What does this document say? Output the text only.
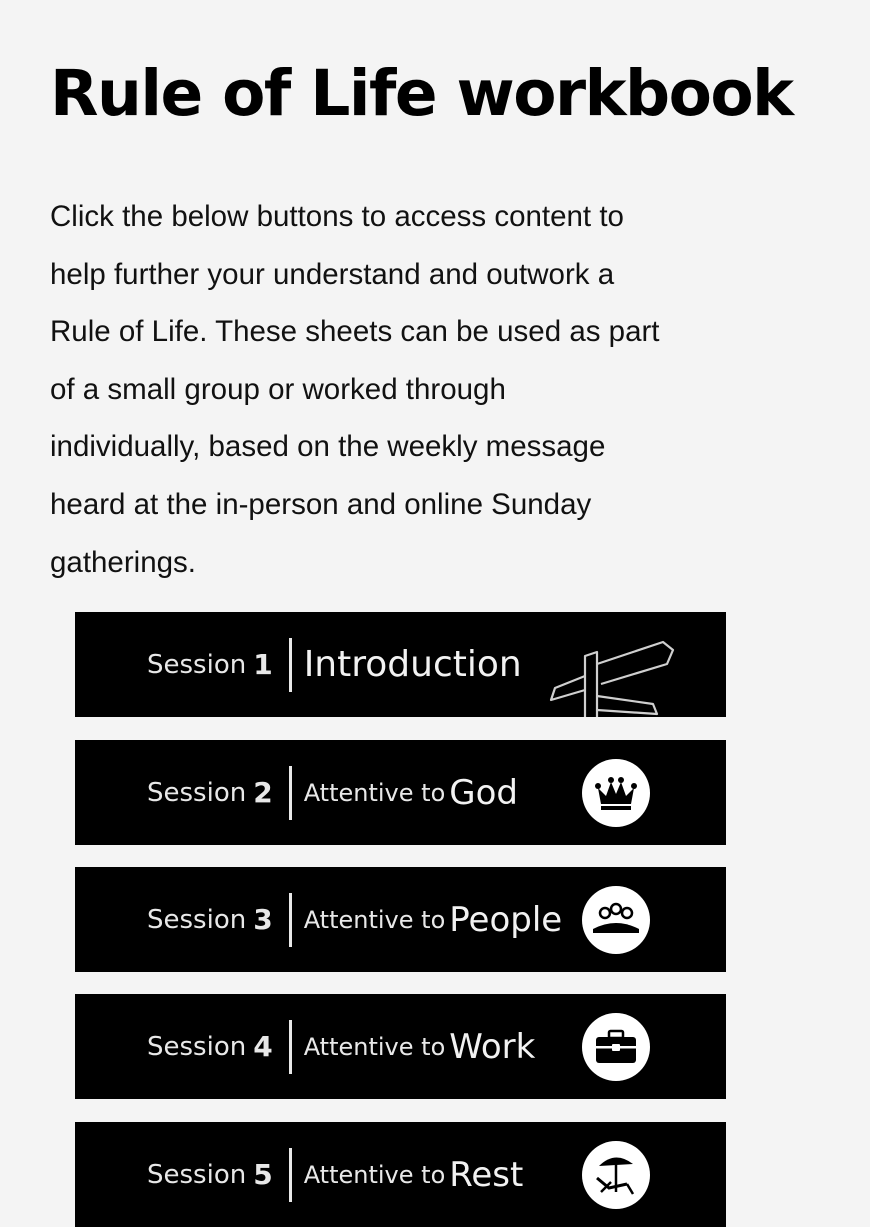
Rule of Life workbook

Click the below buttons to access content to
help further your understand and outwork a
Rule of Life. These sheets can be used as part
of a small group or worked through
individually, based on the weekly message
heard at the in-person and online Sunday
gatherings.

Session 1 Introduction
Session 2 Attentive to God
Session 3 Attentive to People
Session 4 Attentive to Work
Session 5 Attentive to Rest
